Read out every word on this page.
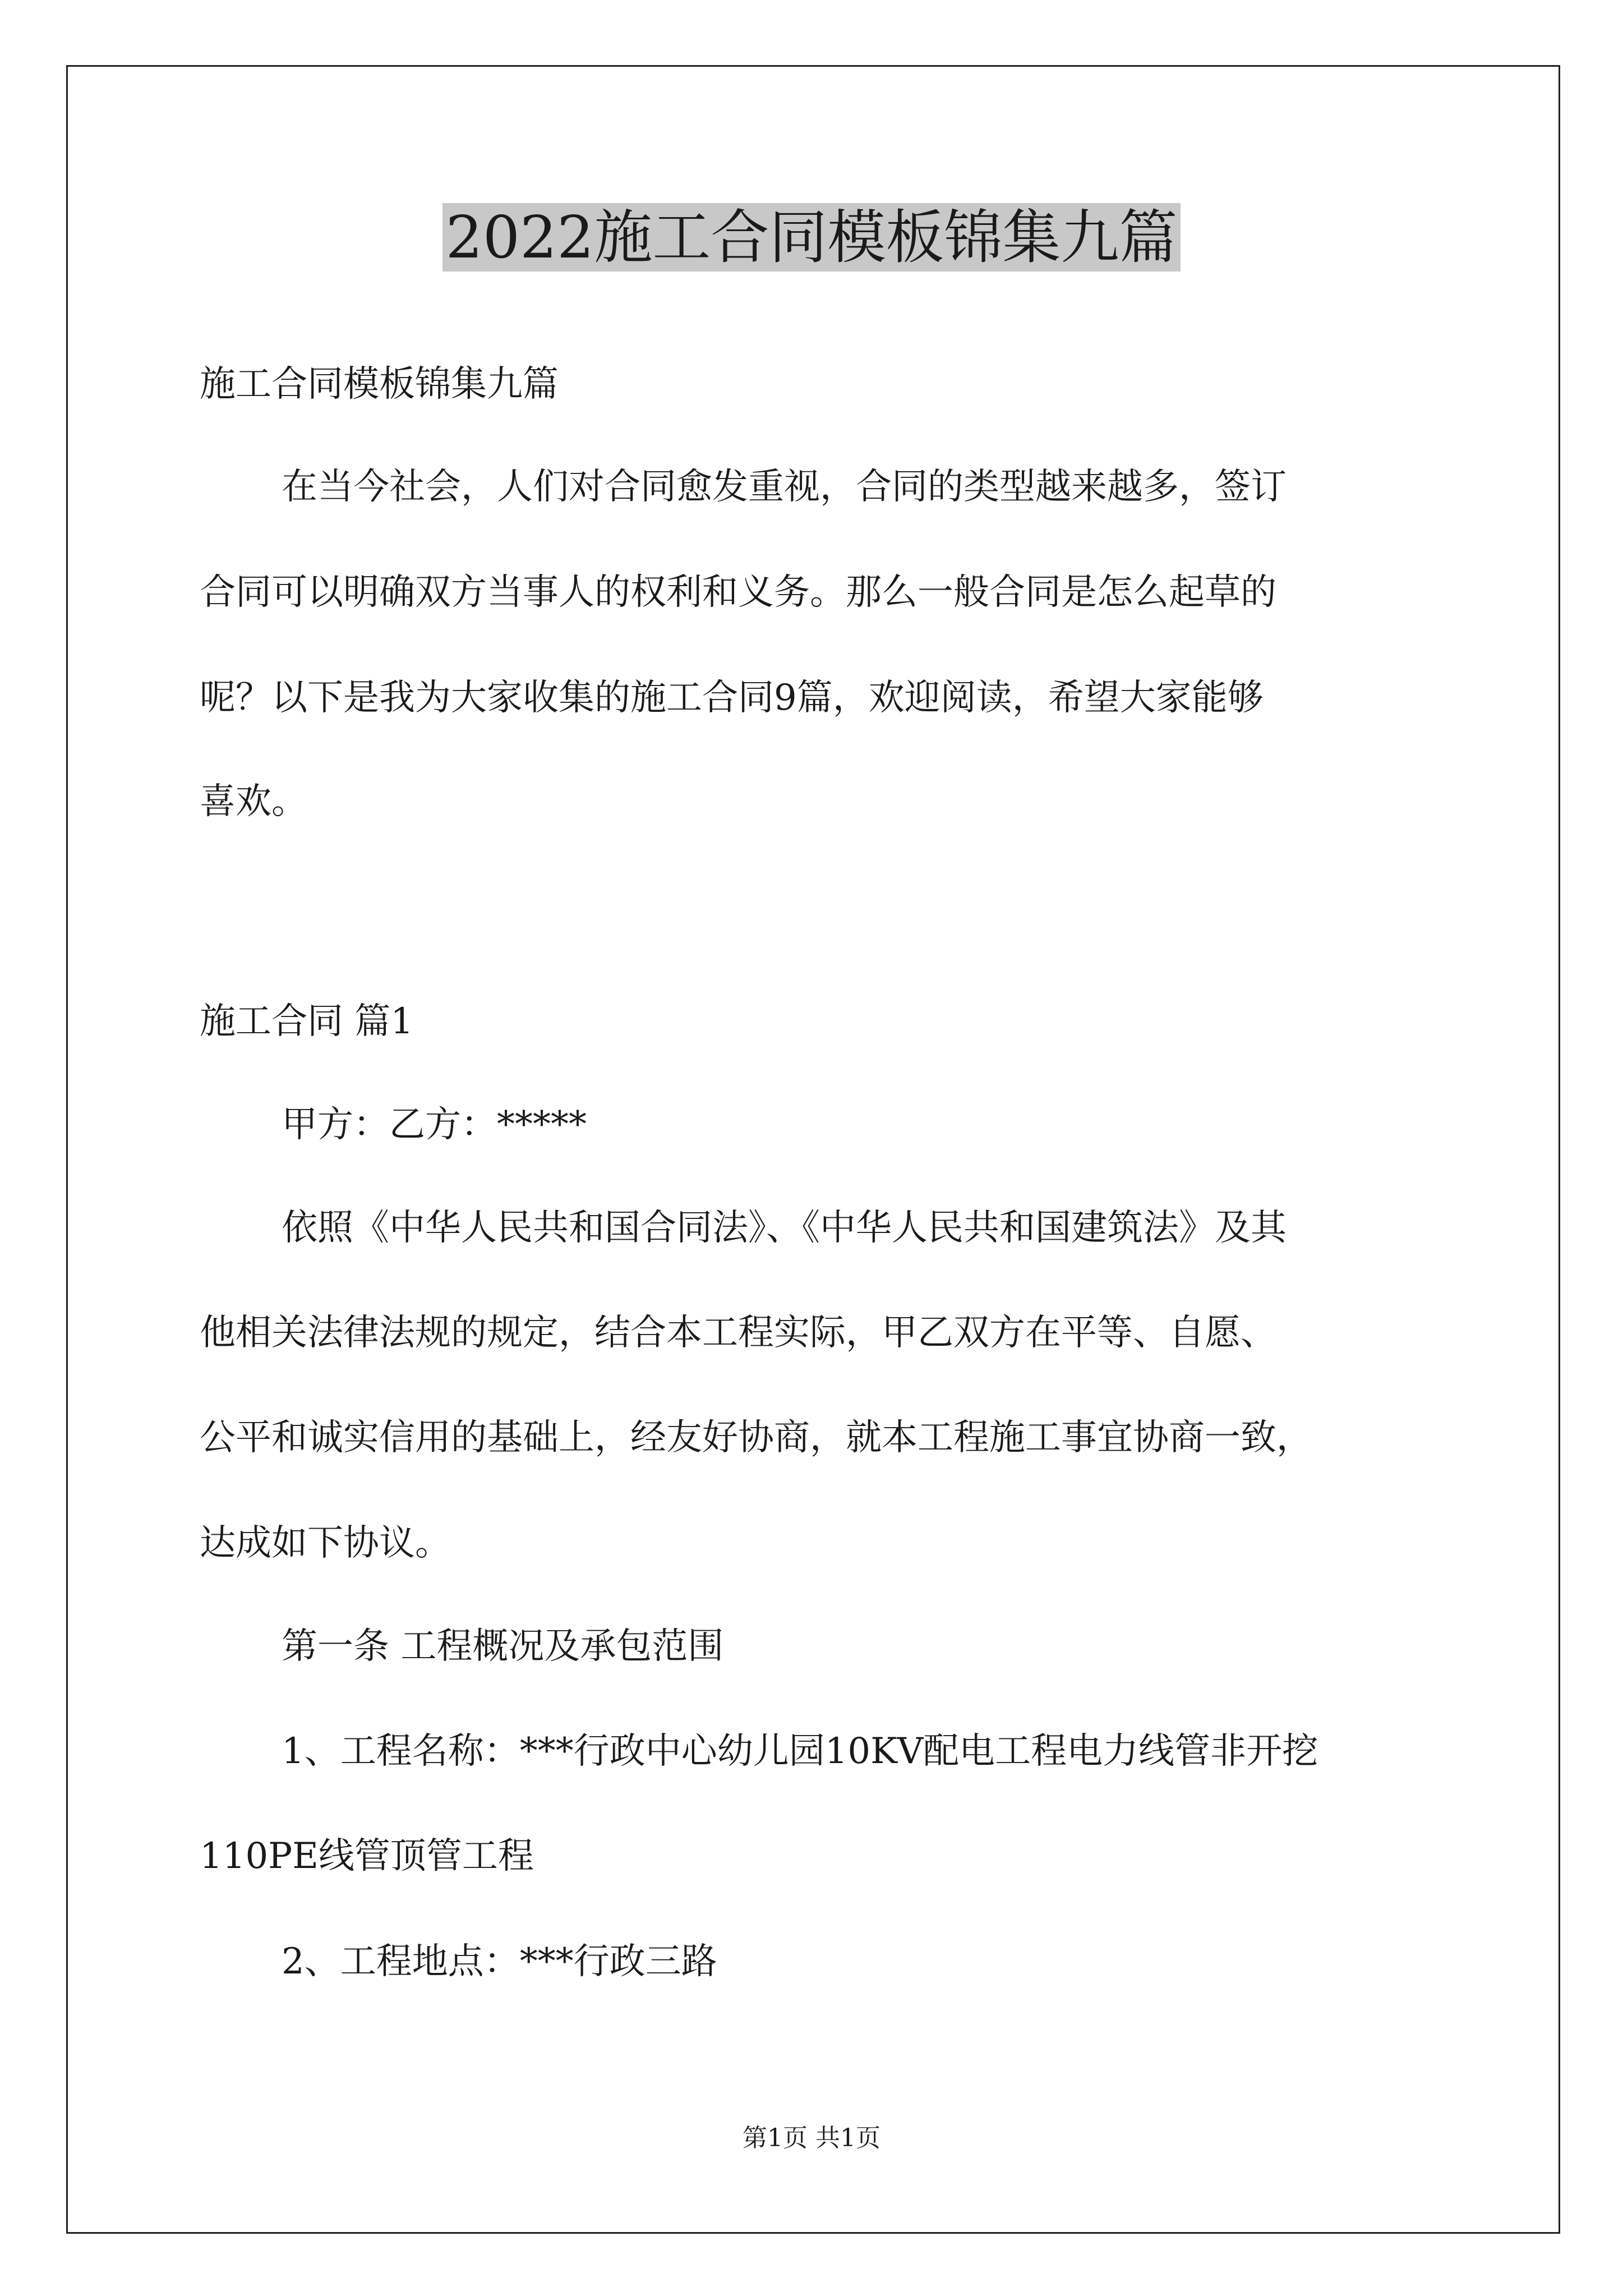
2022施工合同模板锦集九篇

施工合同模板锦集九篇

在当今社会，人们对合同愈发重视，合同的类型越来越多，签订

合同可以明确双方当事人的权利和义务。那么一般合同是怎么起草的

呢？以下是我为大家收集的施工合同9篇，欢迎阅读，希望大家能够

喜欢。

施工合同 篇1

甲方：乙方：*****

依照《中华人民共和国合同法》、《中华人民共和国建筑法》及其

他相关法律法规的规定，结合本工程实际，甲乙双方在平等、自愿、

公平和诚实信用的基础上，经友好协商，就本工程施工事宜协商一致，

达成如下协议。

第一条 工程概况及承包范围

1、工程名称：***行政中心幼儿园10KV配电工程电力线管非开挖

110PE线管顶管工程

2、工程地点：***行政三路

第1页 共1页
